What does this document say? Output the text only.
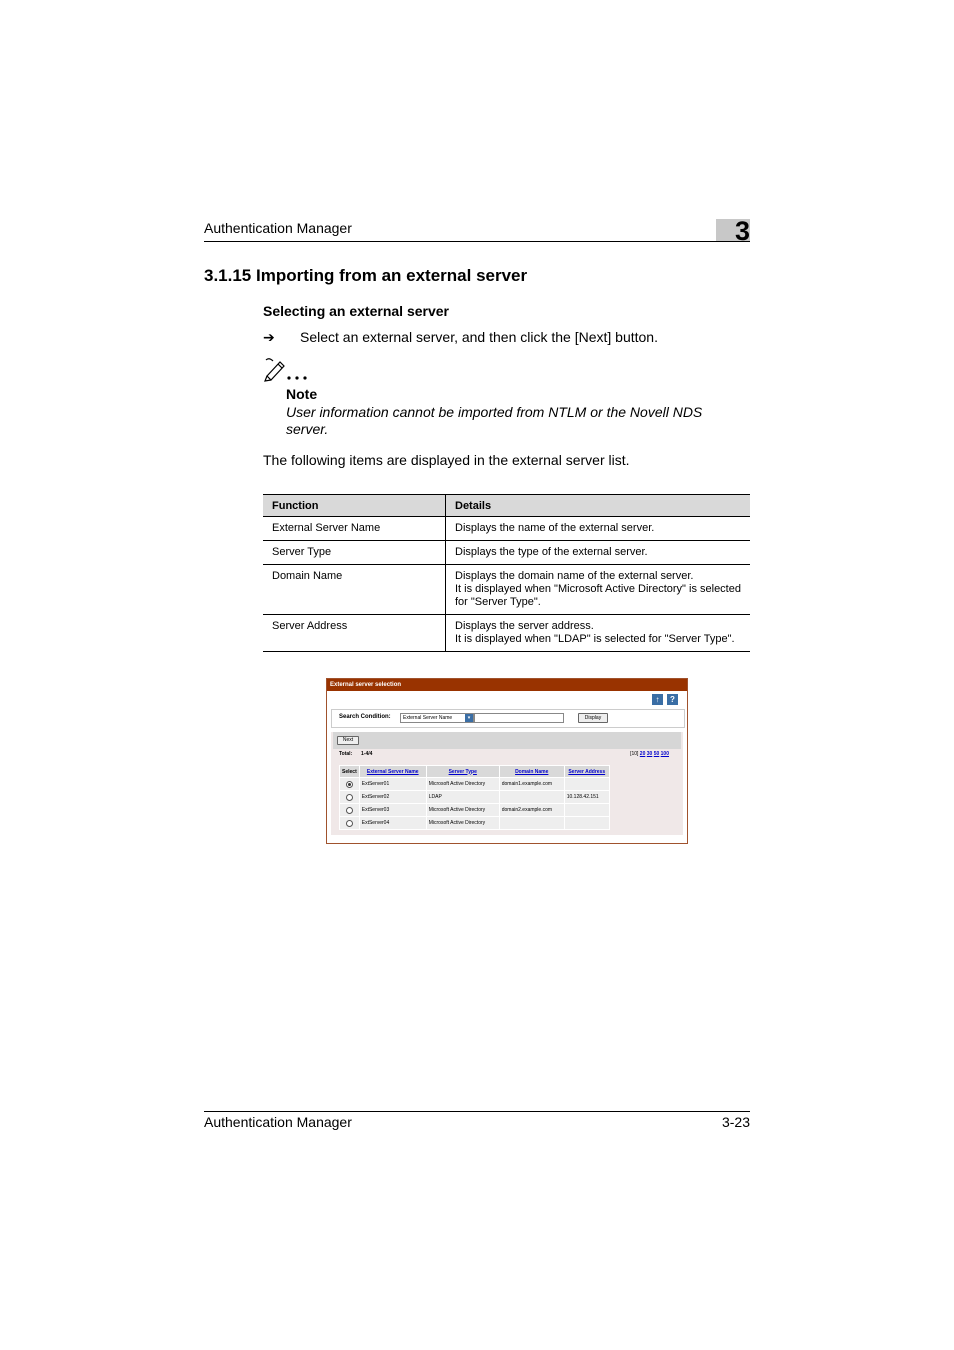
Authentication Manager	3
3.1.15 Importing from an external server
Selecting an external server
➔ Select an external server, and then click the [Next] button.
Note
User information cannot be imported from NTLM or the Novell NDS server.
The following items are displayed in the external server list.
Function	Details
External Server Name	Displays the name of the external server.

Server Type	Displays the type of the external server.

Domain Name	Displays the domain name of the external server.
It is displayed when "Microsoft Active Directory" is selected for "Server Type".

Server Address	Displays the server address.
It is displayed when "LDAP" is selected for "Server Type".
External server selection
↑	?
Search Condition:	External Server Name	▾	Display
Next
Total: 1-4/4	[10] 20 30 50 100
Select	External Server Name	Server Type	Domain Name	Server Address
	ExtServer01	Microsoft Active Directory	domain1.example.com	
	ExtServer02	LDAP		10.128.42.151
	ExtServer03	Microsoft Active Directory	domain2.example.com	
	ExtServer04	Microsoft Active Directory		
Authentication Manager	3-23
